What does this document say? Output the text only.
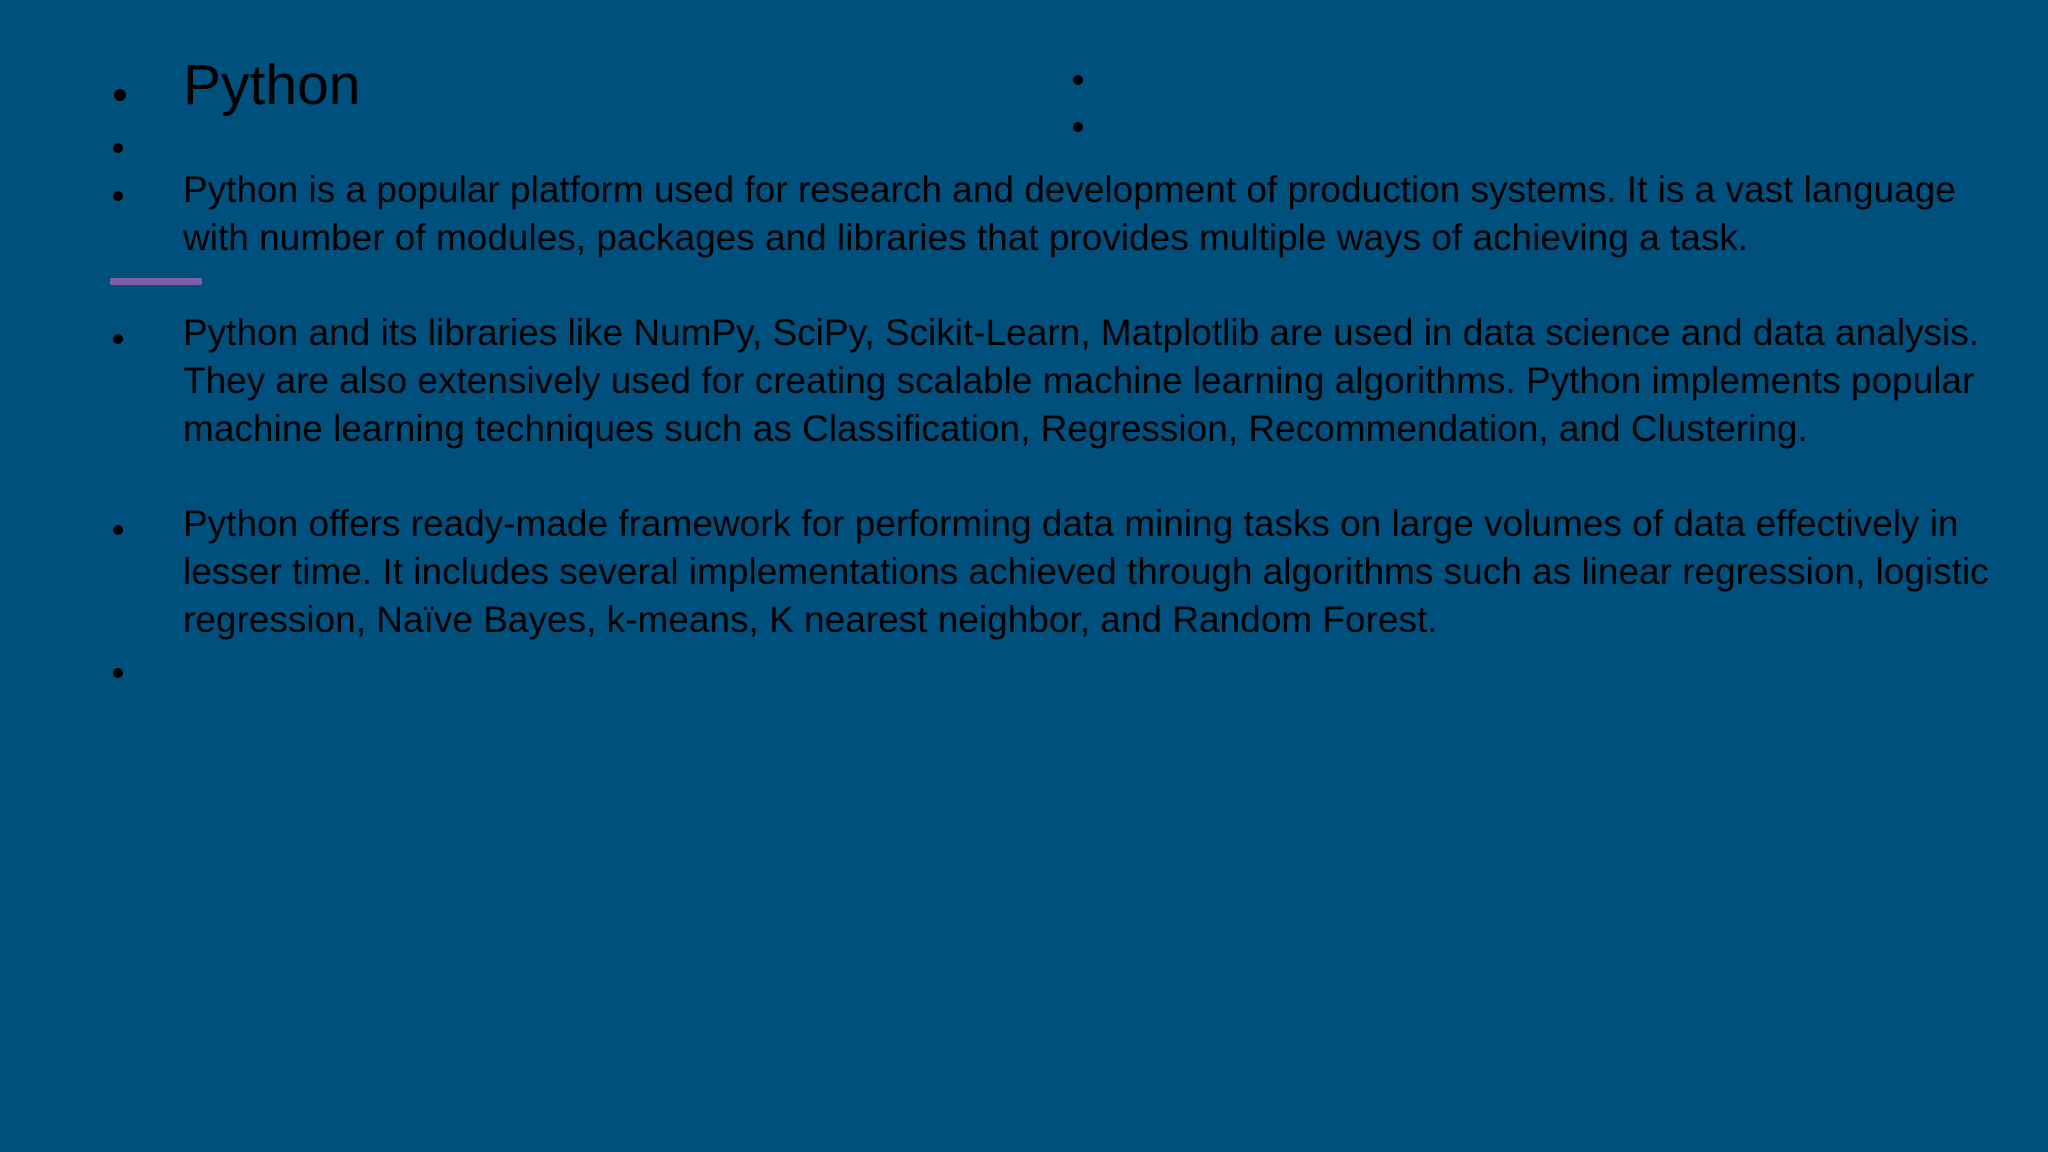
Python
Python is a popular platform used for research and development of production systems. It is a vast language with number of modules, packages and libraries that provides multiple ways of achieving a task.
Python and its libraries like NumPy, SciPy, Scikit-Learn, Matplotlib are used in data science and data analysis. They are also extensively used for creating scalable machine learning algorithms. Python implements popular machine learning techniques such as Classification, Regression, Recommendation, and Clustering.
Python offers ready-made framework for performing data mining tasks on large volumes of data effectively in lesser time. It includes several implementations achieved through algorithms such as linear regression, logistic regression, Naïve Bayes, k-means, K nearest neighbor, and Random Forest.
